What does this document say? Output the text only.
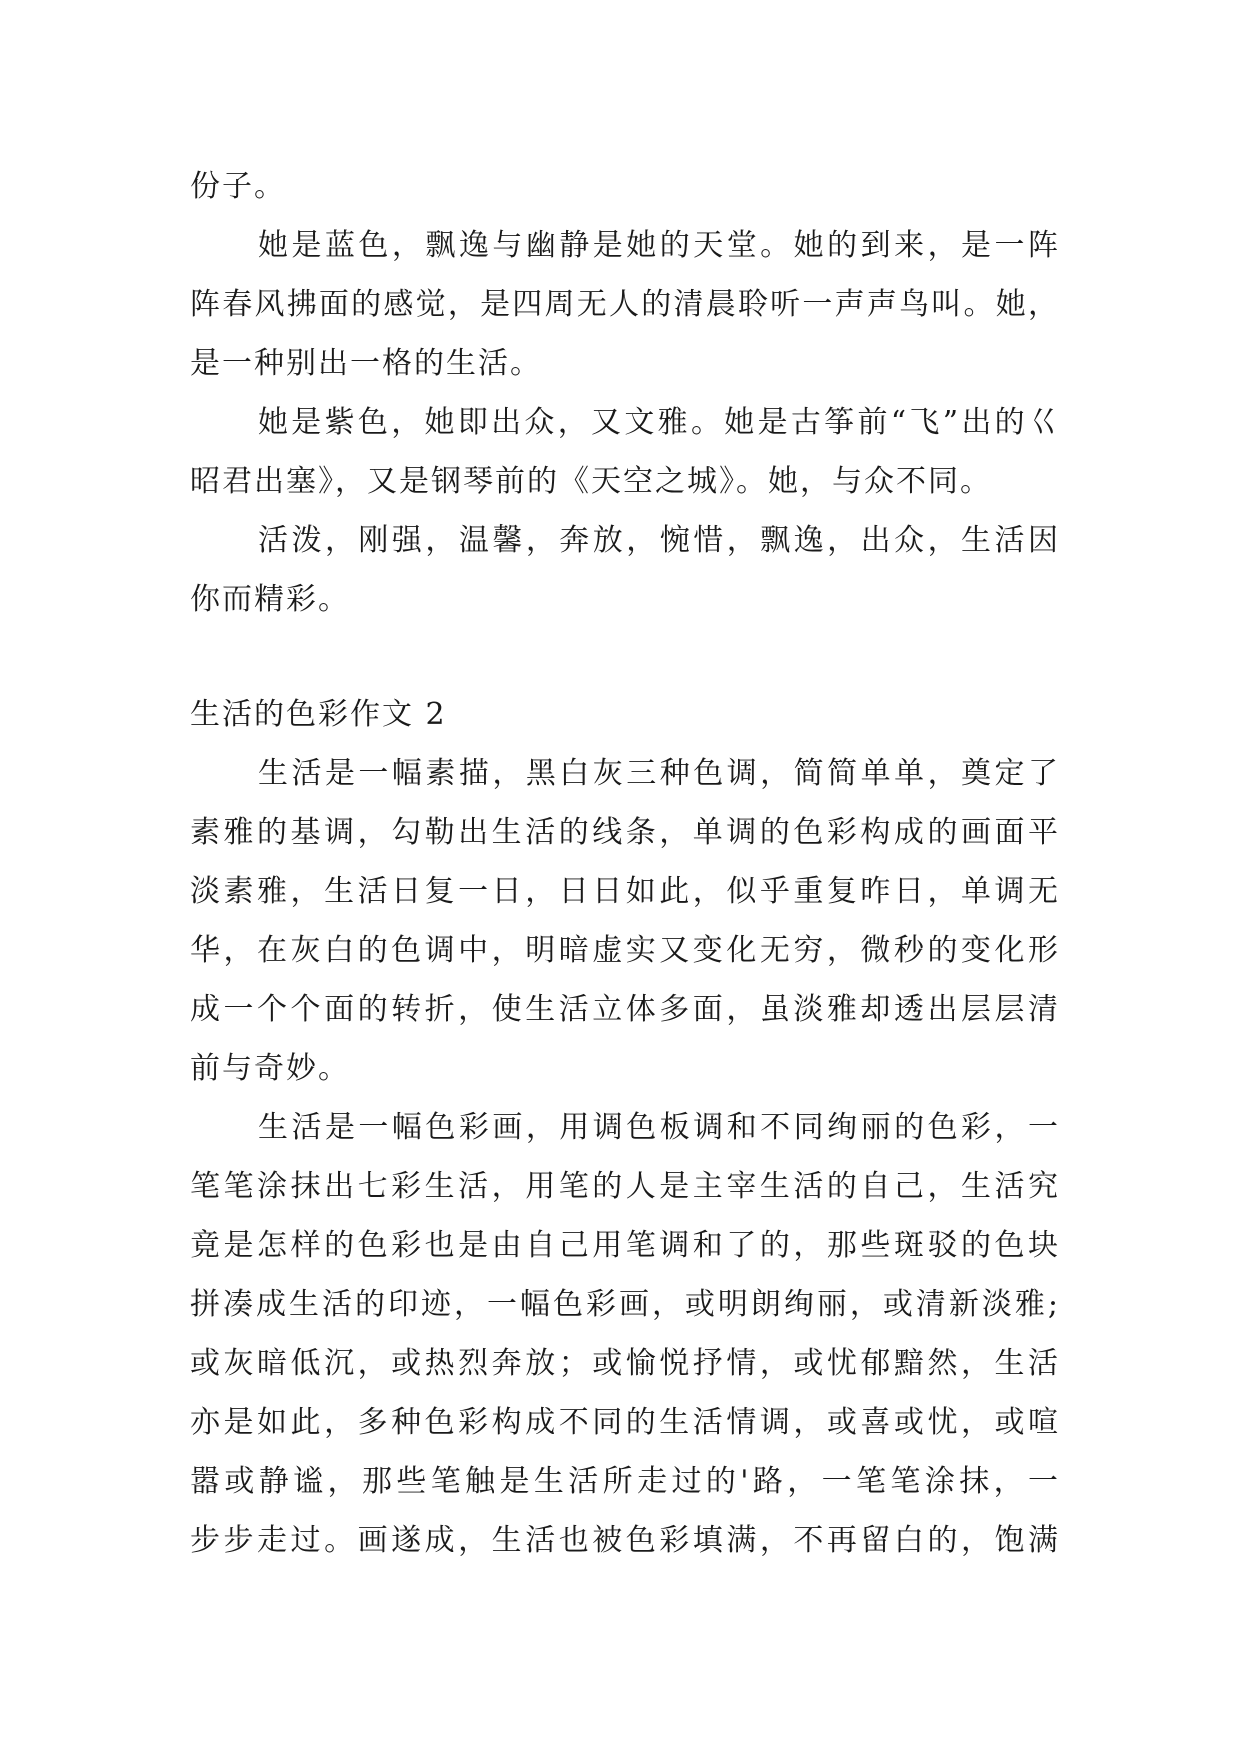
份子。
她是蓝色，飘逸与幽静是她的天堂。她的到来，是一阵
阵春风拂面的感觉，是四周无人的清晨聆听一声声鸟叫。她，
是一种别出一格的生活。
她是紫色，她即出众，又文雅。她是古筝前“飞”出的巜
昭君出塞》，又是钢琴前的《天空之城》。她，与众不同。
活泼，刚强，温馨，奔放，惋惜，飘逸，出众，生活因
你而精彩。
生活的色彩作文 2
生活是一幅素描，黑白灰三种色调，简简单单，奠定了
素雅的基调，勾勒出生活的线条，单调的色彩构成的画面平
淡素雅，生活日复一日，日日如此，似乎重复昨日，单调无
华，在灰白的色调中，明暗虚实又变化无穷，微秒的变化形
成一个个面的转折，使生活立体多面，虽淡雅却透出层层清
前与奇妙。
生活是一幅色彩画，用调色板调和不同绚丽的色彩，一
笔笔涂抹出七彩生活，用笔的人是主宰生活的自己，生活究
竟是怎样的色彩也是由自己用笔调和了的，那些斑驳的色块
拼凑成生活的印迹，一幅色彩画，或明朗绚丽，或清新淡雅;
或灰暗低沉，或热烈奔放；或愉悦抒情，或忧郁黯然，生活
亦是如此，多种色彩构成不同的生活情调，或喜或忧，或喧
嚣或静谧，那些笔触是生活所走过的'路，一笔笔涂抹，一
步步走过。画遂成，生活也被色彩填满，不再留白的，饱满
